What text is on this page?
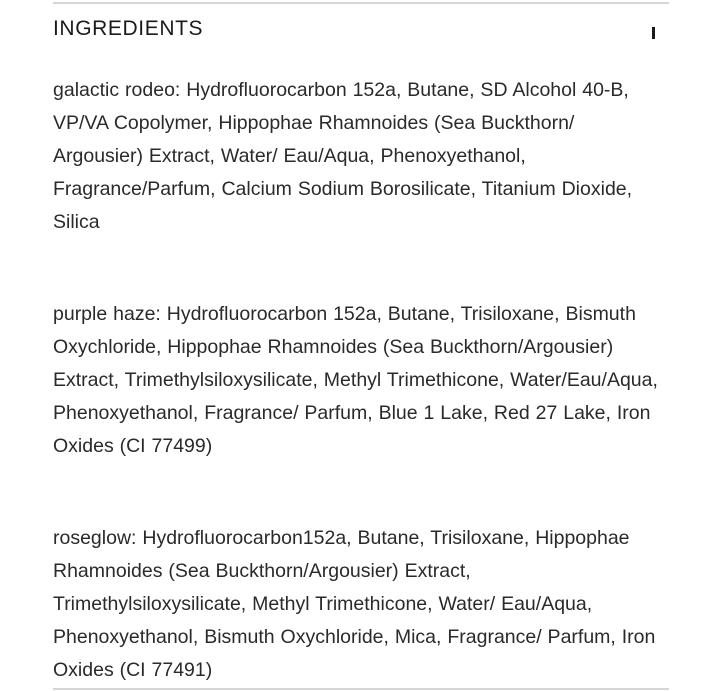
INGREDIENTS

galactic rodeo: Hydrofluorocarbon 152a, Butane, SD Alcohol 40-B, VP/VA Copolymer, Hippophae Rhamnoides (Sea Buckthorn/ Argousier) Extract, Water/ Eau/Aqua, Phenoxyethanol, Fragrance/Parfum, Calcium Sodium Borosilicate, Titanium Dioxide, Silica

purple haze: Hydrofluorocarbon 152a, Butane, Trisiloxane, Bismuth Oxychloride, Hippophae Rhamnoides (Sea Buckthorn/Argousier) Extract, Trimethylsiloxysilicate, Methyl Trimethicone, Water/Eau/Aqua, Phenoxyethanol, Fragrance/ Parfum, Blue 1 Lake, Red 27 Lake, Iron Oxides (CI 77499)

roseglow: Hydrofluorocarbon152a, Butane, Trisiloxane, Hippophae Rhamnoides (Sea Buckthorn/Argousier) Extract, Trimethylsiloxysilicate, Methyl Trimethicone, Water/ Eau/Aqua, Phenoxyethanol, Bismuth Oxychloride, Mica, Fragrance/ Parfum, Iron Oxides (CI 77491)
